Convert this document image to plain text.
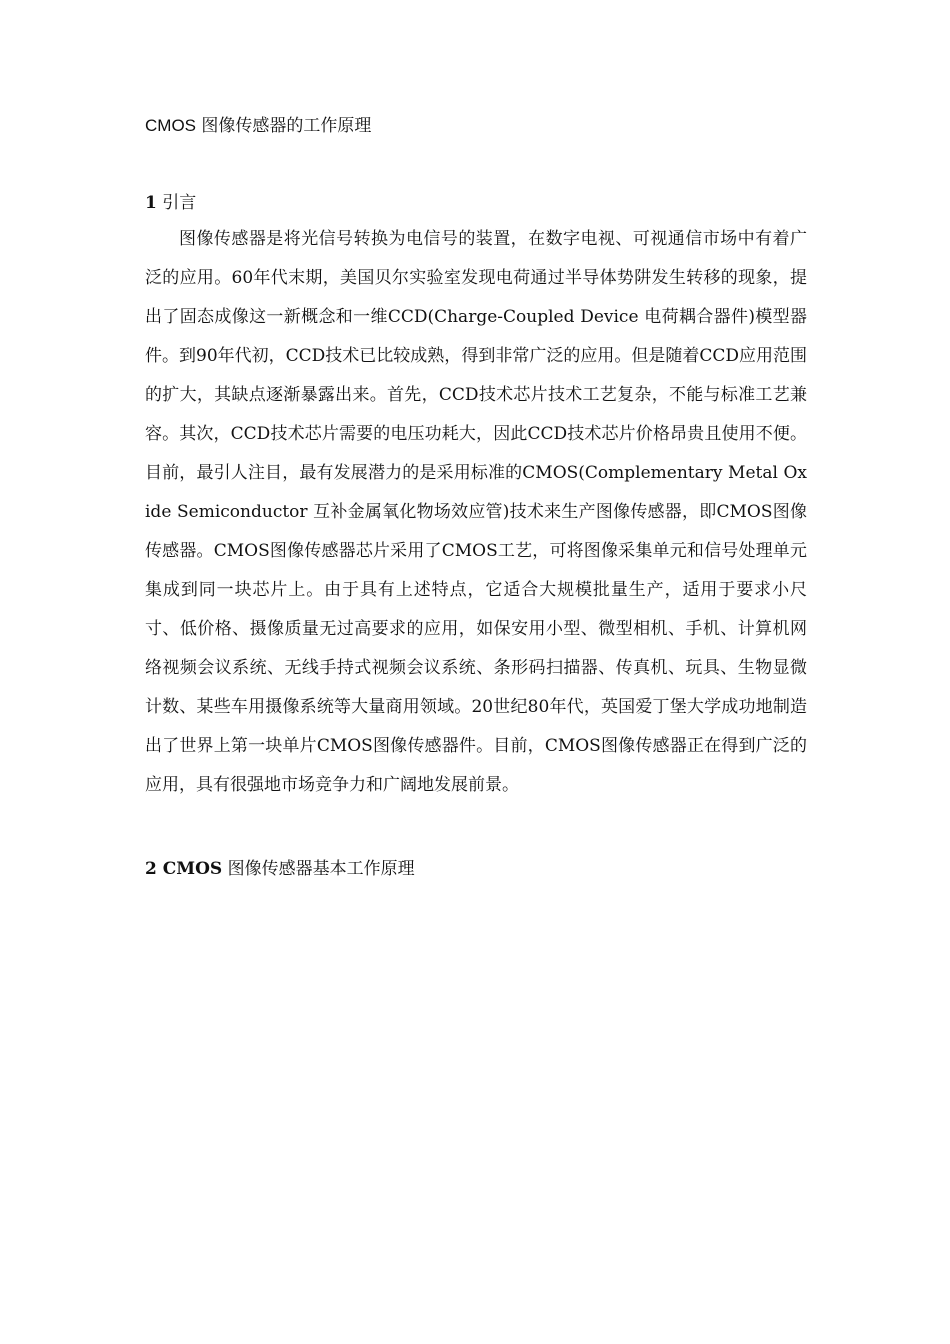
CMOS 图像传感器的工作原理
1 引言

图像传感器是将光信号转换为电信号的装置，在数字电视、可视通信市场中有着广泛的应用。60年代末期，美国贝尔实验室发现电荷通过半导体势阱发生转移的现象，提出了固态成像这一新概念和一维CCD(Charge-Coupled Device 电荷耦合器件)模型器件。到90年代初，CCD技术已比较成熟，得到非常广泛的应用。但是随着CCD应用范围的扩大，其缺点逐渐暴露出来。首先，CCD技术芯片技术工艺复杂，不能与标准工艺兼容。其次，CCD技术芯片需要的电压功耗大，因此CCD技术芯片价格昂贵且使用不便。目前，最引人注目，最有发展潜力的是采用标准的CMOS(Complementary Metal Oxide Semiconductor 互补金属氧化物场效应管)技术来生产图像传感器，即CMOS图像传感器。CMOS图像传感器芯片采用了CMOS工艺，可将图像采集单元和信号处理单元集成到同一块芯片上。由于具有上述特点，它适合大规模批量生产，适用于要求小尺寸、低价格、摄像质量无过高要求的应用，如保安用小型、微型相机、手机、计算机网络视频会议系统、无线手持式视频会议系统、条形码扫描器、传真机、玩具、生物显微计数、某些车用摄像系统等大量商用领域。20世纪80年代，英国爱丁堡大学成功地制造出了世界上第一块单片CMOS图像传感器件。目前，CMOS图像传感器正在得到广泛的应用，具有很强地市场竞争力和广阔地发展前景。

2 CMOS 图像传感器基本工作原理
